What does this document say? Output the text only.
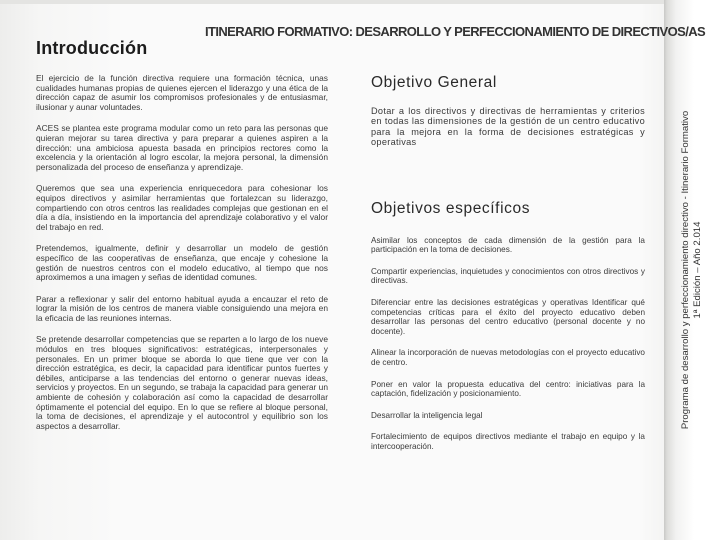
ITINERARIO FORMATIVO: DESARROLLO Y PERFECCIONAMIENTO DE DIRECTIVOS/AS
Introducción

El ejercicio de la función directiva requiere una formación técnica, unas cualidades humanas propias de quienes ejercen el liderazgo y una ética de la dirección capaz de asumir los compromisos profesionales y de entusiasmar, ilusionar y aunar voluntades.

ACES se plantea este programa modular como un reto para las personas que quieran mejorar su tarea directiva y para preparar a quienes aspiren a la dirección: una ambiciosa apuesta basada en principios rectores como la excelencia y la orientación al logro escolar, la mejora personal, la dimensión personalizada del proceso de enseñanza y aprendizaje.

Queremos que sea una experiencia enriquecedora para cohesionar los equipos directivos y asimilar herramientas que fortalezcan su liderazgo, compartiendo con otros centros las realidades complejas que gestionan en el día a día, insistiendo en la importancia del aprendizaje colaborativo y el valor del trabajo en red.

Pretendemos, igualmente, definir y desarrollar un modelo de gestión específico de las cooperativas de enseñanza, que encaje y cohesione la gestión de nuestros centros con el modelo educativo, al tiempo que nos aproximemos a una imagen y señas de identidad comunes.

Parar a reflexionar y salir del entorno habitual ayuda a encauzar el reto de lograr la misión de los centros de manera viable consiguiendo una mejora en la eficacia de las reuniones internas.

Se pretende desarrollar competencias que se reparten a lo largo de los nueve módulos en tres bloques significativos: estratégicas, interpersonales y personales. En un primer bloque se aborda lo que tiene que ver con la dirección estratégica, es decir, la capacidad para identificar puntos fuertes y débiles, anticiparse a las tendencias del entorno o generar nuevas ideas, servicios y proyectos. En un segundo, se trabaja la capacidad para generar un ambiente de cohesión y colaboración así como la capacidad de desarrollar óptimamente el potencial del equipo. En lo que se refiere al bloque personal, la toma de decisiones, el aprendizaje y el autocontrol y equilibrio son los aspectos a desarrollar.

Objetivo General

Dotar a los directivos y directivas de herramientas y criterios en todas las dimensiones de la gestión de un centro educativo para la mejora en la forma de decisiones estratégicas y operativas

Objetivos específicos
Asimilar los conceptos de cada dimensión de la gestión para la participación en la toma de decisiones.
Compartir experiencias, inquietudes y conocimientos con otros directivos y directivas.
Diferenciar entre las decisiones estratégicas y operativas Identificar qué competencias críticas para el éxito del proyecto educativo deben desarrollar las personas del centro educativo (personal docente y no docente).
Alinear la incorporación de nuevas metodologías con el proyecto educativo de centro.
Poner en valor la propuesta educativa del centro: iniciativas para la captación, fidelización y posicionamiento.
Desarrollar la inteligencia legal
Fortalecimiento de equipos directivos mediante el trabajo en equipo y la intercooperación.
Programa de desarrollo y perfeccionamiento directivo - Itinerario Formativo 1ª Edición – Año 2.014
